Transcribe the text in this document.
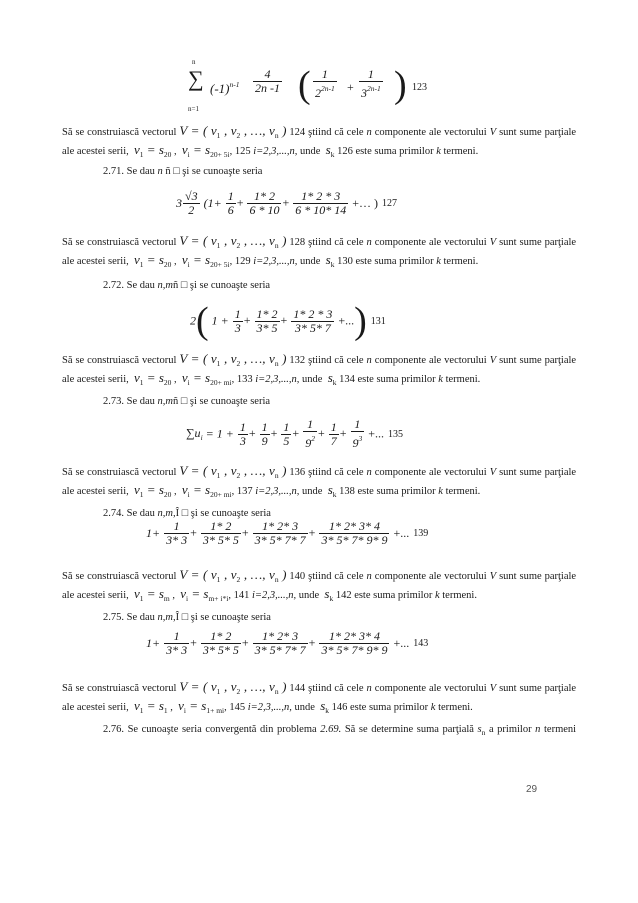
n
∑
n=1
$(-1)^{n-1} \frac{4}{2n -1}$ ( $\frac{1}{2^{2n-1}} + \frac{1}{3^{2n-1}}$ ) 123
Să se construiască vectorul V = ( $v_1$ , $v_2$ , …, $v_n$ ) 124 ştiind că cele n componente ale vectorului V sunt sume parţiale
ale acestei serii, $v_1 = s_{20}$ ,  $v_i = s_{20+ 5i}$, 125 i=2,3,...,n, unde $s_k$ 126 este suma primilor k termeni.
2.71. Se dau n ñ □ şi se cunoaşte seria
$3 \frac{√3}{2} (1+ \frac{1}{6} + \frac{1* 2}{6 * 10} + \frac{1* 2 * 3}{6 * 10* 14}$ +… ) 127
Să se construiască vectorul V = ( $v_1$ , $v_2$ , …, $v_n$ ) 128 ştiind că cele n componente ale vectorului V sunt sume parţiale
ale acestei serii, $v_1 = s_{20}$ ,  $v_i = s_{20+ 5i}$, 129 i=2,3,...,n, unde $s_k$ 130 este suma primilor k termeni.
2.72. Se dau n,mñ □ şi se cunoaşte seria
2( $1 + \frac{1}{3} + \frac{1* 2}{3* 5} + \frac{1* 2 * 3}{3* 5* 7}$ +...) 131
Să se construiască vectorul V = ( $v_1$ , $v_2$ , …, $v_n$ ) 132 ştiind că cele n componente ale vectorului V sunt sume parţiale
ale acestei serii, $v_1 = s_{20}$ ,  $v_i = s_{20+ mi}$, 133 i=2,3,...,n, unde $s_k$ 134 este suma primilor k termeni.
2.73. Se dau n,mñ □ şi se cunoaşte seria
$\sum u_i = 1 + \frac{1}{3} + \frac{1}{9} + \frac{1}{5} + \frac{1}{9^2} + \frac{1}{7} + \frac{1}{9^3}$ +... 135
Să se construiască vectorul V = ( $v_1$ , $v_2$ , …, $v_n$ ) 136 ştiind că cele n componente ale vectorului V sunt sume parţiale
ale acestei serii, $v_1 = s_{20}$ ,  $v_i = s_{20+ mi}$, 137 i=2,3,...,n, unde $s_k$ 138 este suma primilor k termeni.
2.74. Se dau n,m,Î □ şi se cunoaşte seria
$1+ \frac{1}{3* 3} + \frac{1* 2}{3* 5* 5} + \frac{1* 2* 3}{3* 5* 7* 7} + \frac{1* 2* 3* 4}{3* 5* 7* 9* 9}$ +... 139
Să se construiască vectorul V = ( $v_1$ , $v_2$ , …, $v_n$ ) 140 ştiind că cele n componente ale vectorului V sunt sume parţiale
ale acestei serii, $v_1 = s_m$ ,  $v_i = s_{m+ i*i}$, 141 i=2,3,...,n, unde $s_k$ 142 este suma primilor k termeni.
2.75. Se dau n,m,Î □ şi se cunoaşte seria
$1+ \frac{1}{3* 3} + \frac{1* 2}{3* 5* 5} + \frac{1* 2* 3}{3* 5* 7* 7} + \frac{1* 2* 3* 4}{3* 5* 7* 9* 9}$ +... 143
Să se construiască vectorul V = ( $v_1$ , $v_2$ , …, $v_n$ ) 144 ştiind că cele n componente ale vectorului V sunt sume parţiale
ale acestei serii, $v_1 = s_1$ ,  $v_i = s_{1+ mi}$, 145 i=2,3,...,n, unde $s_k$ 146 este suma primilor k termeni.
2.76. Se cunoaşte seria convergentă din problema 2.69. Să se determine suma parţială $s_n$ a primilor n termeni
29
